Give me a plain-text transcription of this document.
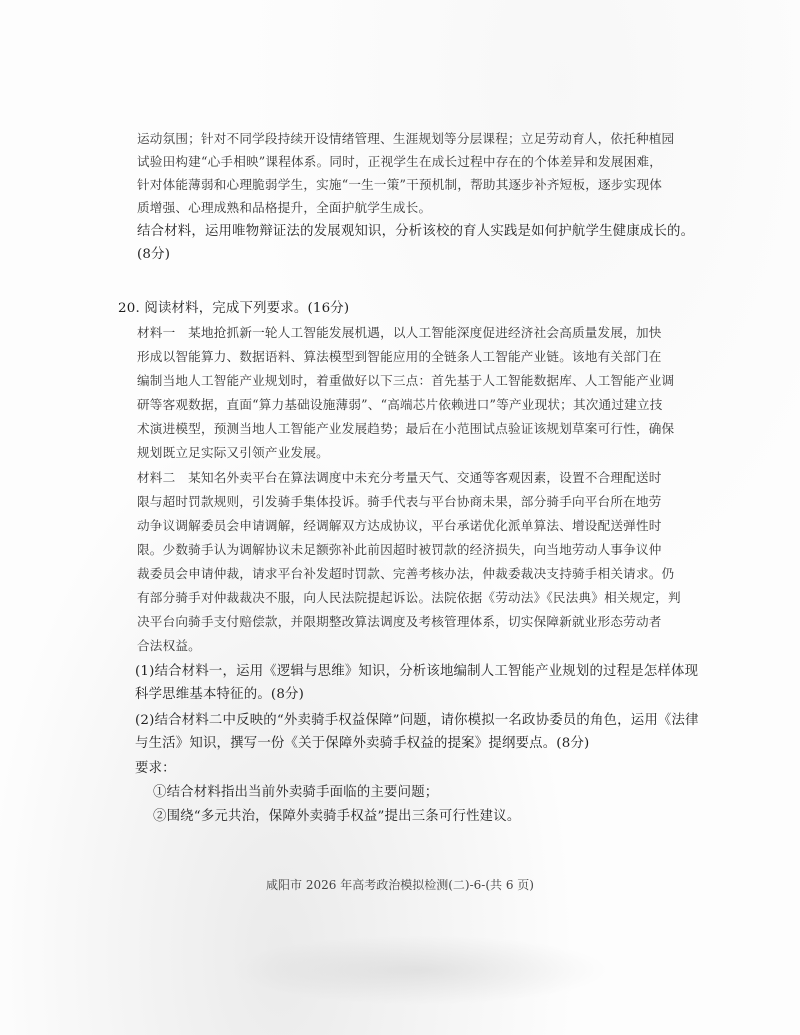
运动氛围；针对不同学段持续开设情绪管理、生涯规划等分层课程；立足劳动育人，依托种植园
试验田构建“心手相映”课程体系。同时，正视学生在成长过程中存在的个体差异和发展困难，
针对体能薄弱和心理脆弱学生，实施“一生一策”干预机制，帮助其逐步补齐短板，逐步实现体
质增强、心理成熟和品格提升，全面护航学生成长。
结合材料，运用唯物辩证法的发展观知识，分析该校的育人实践是如何护航学生健康成长的。
(8分)
20. 阅读材料，完成下列要求。(16分)
材料一　某地抢抓新一轮人工智能发展机遇，以人工智能深度促进经济社会高质量发展，加快
形成以智能算力、数据语料、算法模型到智能应用的全链条人工智能产业链。该地有关部门在
编制当地人工智能产业规划时，着重做好以下三点：首先基于人工智能数据库、人工智能产业调
研等客观数据，直面“算力基础设施薄弱”、“高端芯片依赖进口”等产业现状；其次通过建立技
术演进模型，预测当地人工智能产业发展趋势；最后在小范围试点验证该规划草案可行性，确保
规划既立足实际又引领产业发展。
材料二　某知名外卖平台在算法调度中未充分考量天气、交通等客观因素，设置不合理配送时
限与超时罚款规则，引发骑手集体投诉。骑手代表与平台协商未果，部分骑手向平台所在地劳
动争议调解委员会申请调解，经调解双方达成协议，平台承诺优化派单算法、增设配送弹性时
限。少数骑手认为调解协议未足额弥补此前因超时被罚款的经济损失，向当地劳动人事争议仲
裁委员会申请仲裁，请求平台补发超时罚款、完善考核办法，仲裁委裁决支持骑手相关请求。仍
有部分骑手对仲裁裁决不服，向人民法院提起诉讼。法院依据《劳动法》《民法典》相关规定，判
决平台向骑手支付赔偿款，并限期整改算法调度及考核管理体系，切实保障新就业形态劳动者
合法权益。
(1)结合材料一，运用《逻辑与思维》知识，分析该地编制人工智能产业规划的过程是怎样体现
科学思维基本特征的。(8分)
(2)结合材料二中反映的“外卖骑手权益保障”问题，请你模拟一名政协委员的角色，运用《法律
与生活》知识，撰写一份《关于保障外卖骑手权益的提案》提纲要点。(8分)
要求：
①结合材料指出当前外卖骑手面临的主要问题；
②围绕“多元共治，保障外卖骑手权益”提出三条可行性建议。
咸阳市 2026 年高考政治模拟检测(二)-6-(共 6 页)
